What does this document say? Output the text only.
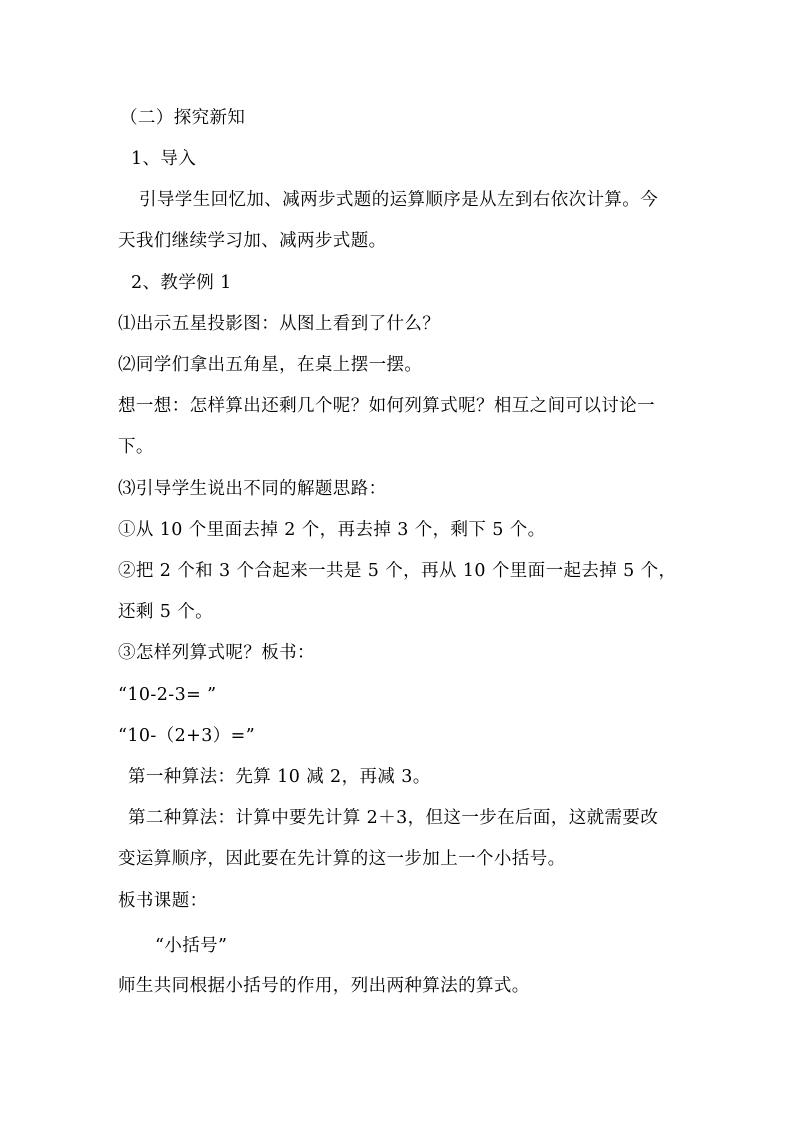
（二）探究新知
1、导入
引导学生回忆加、减两步式题的运算顺序是从左到右依次计算。今
天我们继续学习加、减两步式题。
2、教学例 1
⑴出示五星投影图：从图上看到了什么？
⑵同学们拿出五角星，在桌上摆一摆。
想一想：怎样算出还剩几个呢？如何列算式呢？相互之间可以讨论一
下。
⑶引导学生说出不同的解题思路：
①从 10 个里面去掉 2 个，再去掉 3 个，剩下 5 个。
②把 2 个和 3 个合起来一共是 5 个，再从 10 个里面一起去掉 5 个，
还剩 5 个。
③怎样列算式呢？板书：
“10-2-3= ”
“10-（2+3）=”
第一种算法：先算 10 减 2，再减 3。
第二种算法：计算中要先计算 2＋3，但这一步在后面，这就需要改
变运算顺序，因此要在先计算的这一步加上一个小括号。
板书课题：
“小括号”
师生共同根据小括号的作用，列出两种算法的算式。
